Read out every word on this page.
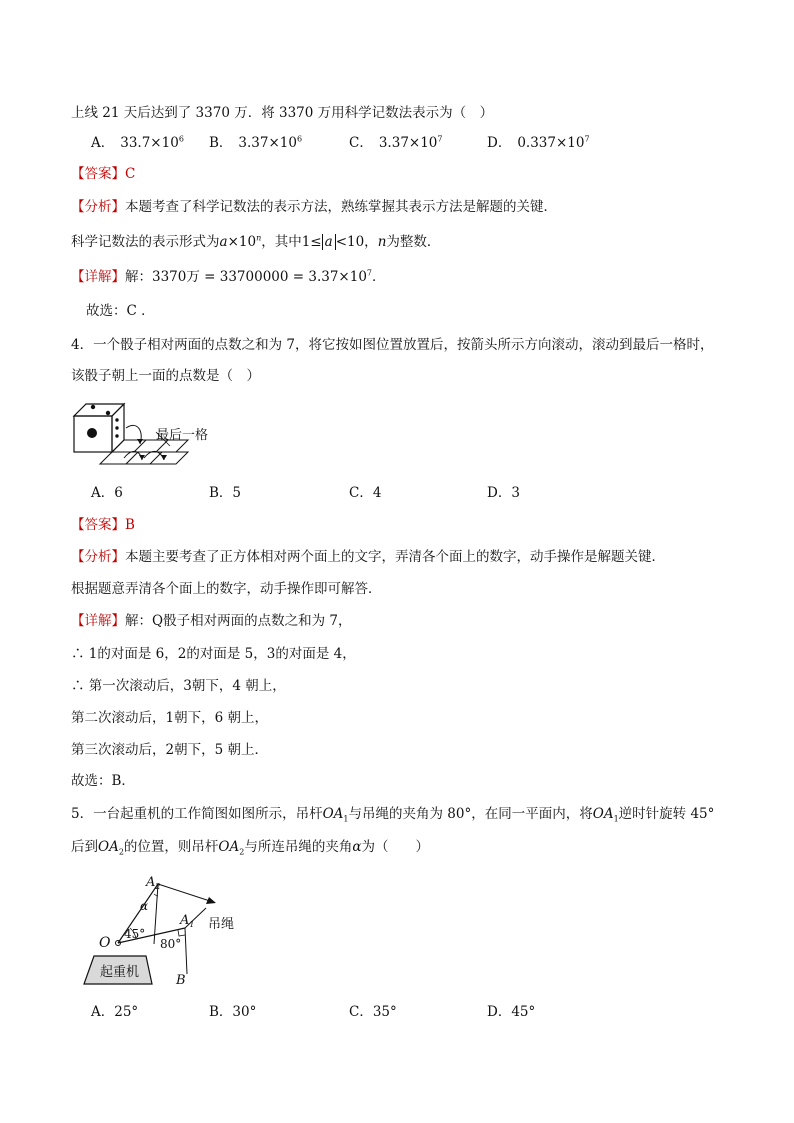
上线 21 天后达到了 3370 万．将 3370 万用科学记数法表示为（　）
A． $33.7\times 10^6$ B． $3.37\times 10^6$	C． $3.37\times 10^7$	D． $0.337\times 10^7$
【答案】C
【分析】本题考查了科学记数法的表示方法，熟练掌握其表示方法是解题的关键．
科学记数法的表示形式为$a\times 10^n$，其中1≤ a <10，n为整数．
【详解】解：3370万 = $33700000 = 3.37\times 10^7$．
故选：C ．
4．一个骰子相对两面的点数之和为 7，将它按如图位置放置后，按箭头所示方向滚动，滚动到最后一格时，
该骰子朝上一面的点数是（　）
最后一格
A．6	B．5	C．4	D．3
【答案】B
【分析】本题主要考查了正方体相对两个面上的文字，弄清各个面上的数字，动手操作是解题关键．
根据题意弄清各个面上的数字，动手操作即可解答．
【详解】解：Q骰子相对两面的点数之和为 7，
∴ 1的对面是 6，2的对面是 5，3的对面是 4，
∴ 第一次滚动后，3朝下，4 朝上，
第二次滚动后，1朝下，6 朝上，
第三次滚动后，2朝下，5 朝上．
故选：B．
5．一台起重机的工作简图如图所示，吊杆$OA_1$与吊绳的夹角为 80°，在同一平面内，将$OA_1$逆时针旋转 45°
后到$OA_2$的位置，则吊杆$OA_2$与所连吊绳的夹角α为（　　）
起重机
O
$A_2$
α
45°
$A_1$
80°
吊绳
B
A．25°	B．30°	C．35°	D．45°
